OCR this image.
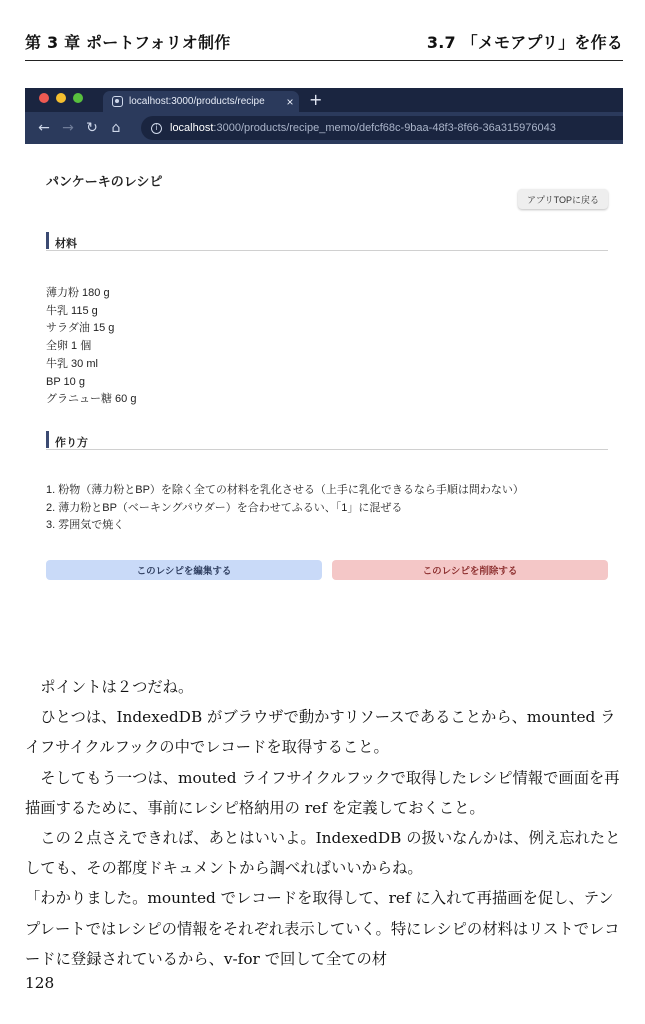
第 3 章 ポートフォリオ制作	3.7 「メモアプリ」を作る
localhost:3000/products/recipe	× +
← → ↻ ⌂	i	localhost :3000/products/recipe_memo/defcf68c-9baa-48f3-8f66-36a315976043
パンケーキのレシピ
アプリTOPに戻る
材料
薄力粉 180 g
牛乳 115 g
サラダ油 15 g
全卵 1 個
牛乳 30 ml
BP 10 g
グラニュー糖 60 g
作り方
1. 粉物（薄力粉とBP）を除く全ての材料を乳化させる（上手に乳化できるなら手順は問わない）
2. 薄力粉とBP（ベーキングパウダー）を合わせてふるい、「1」に混ぜる
3. 雰囲気で焼く
このレシピを編集する	このレシピを削除する

ポイントは２つだね。

ひとつは、IndexedDB がブラウザで動かすリソースであることから、mounted ライフサイクルフックの中でレコードを取得すること。

そしてもう一つは、mouted ライフサイクルフックで取得したレシピ情報で画面を再描画するために、事前にレシピ格納用の ref を定義しておくこと。

この２点さえできれば、あとはいいよ。IndexedDB の扱いなんかは、例え忘れたとしても、その都度ドキュメントから調べればいいからね。

「わかりました。mounted でレコードを取得して、ref に入れて再描画を促し、テンプレートではレシピの情報をそれぞれ表示していく。特にレシピの材料はリストでレコードに登録されているから、v-for で回して全ての材

128
